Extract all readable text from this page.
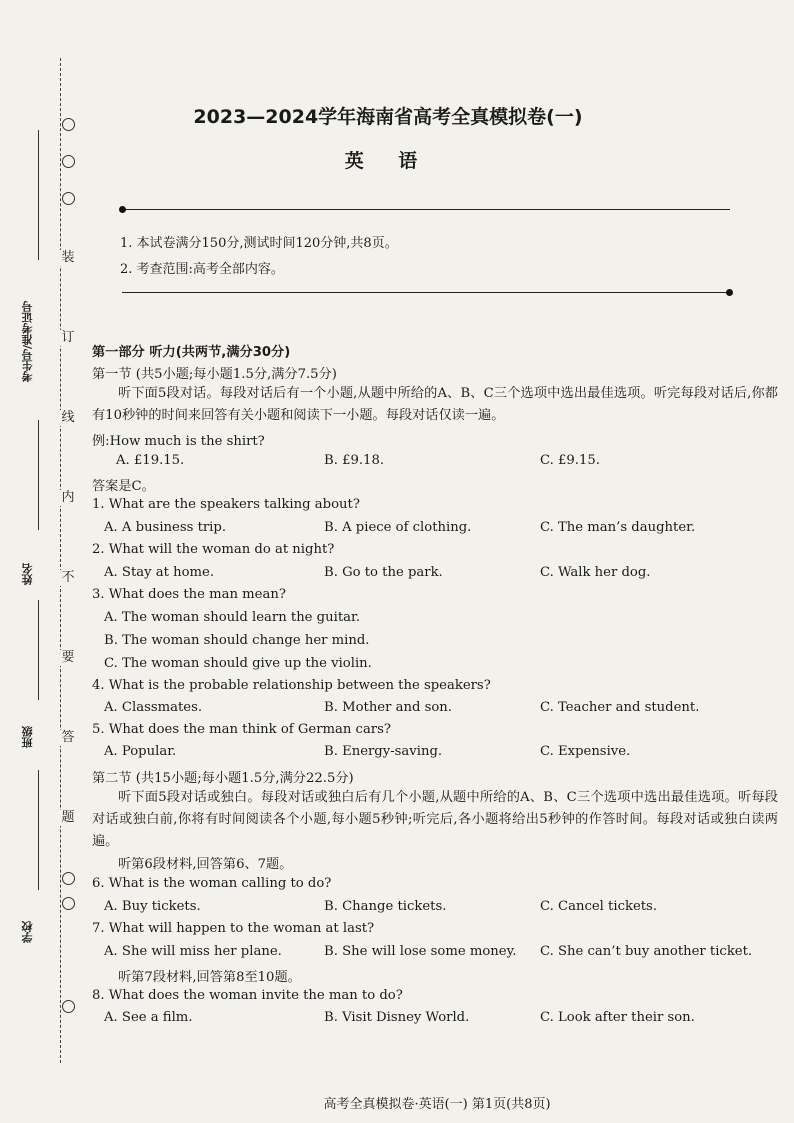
装
订
线
内
不
要
答
题
考生号/准考证号
姓名
班级
学校
2023—2024学年海南省高考全真模拟卷(一)
英 语
1. 本试卷满分150分,测试时间120分钟,共8页。
2. 考查范围:高考全部内容。
第一部分 听力(共两节,满分30分)
第一节 (共5小题;每小题1.5分,满分7.5分)
听下面5段对话。每段对话后有一个小题,从题中所给的A、B、C三个选项中选出最佳选项。听完每段对话后,你都有10秒钟的时间来回答有关小题和阅读下一小题。每段对话仅读一遍。
例:How much is the shirt?
A. £19.15.	B. £9.18.	C. £9.15.
答案是C。
1. What are the speakers talking about?
A. A business trip.	B. A piece of clothing.	C. The man’s daughter.
2. What will the woman do at night?
A. Stay at home.	B. Go to the park.	C. Walk her dog.
3. What does the man mean?
A. The woman should learn the guitar.
B. The woman should change her mind.
C. The woman should give up the violin.
4. What is the probable relationship between the speakers?
A. Classmates.	B. Mother and son.	C. Teacher and student.
5. What does the man think of German cars?
A. Popular.	B. Energy-saving.	C. Expensive.
第二节 (共15小题;每小题1.5分,满分22.5分)
听下面5段对话或独白。每段对话或独白后有几个小题,从题中所给的A、B、C三个选项中选出最佳选项。听每段对话或独白前,你将有时间阅读各个小题,每小题5秒钟;听完后,各小题将给出5秒钟的作答时间。每段对话或独白读两遍。
听第6段材料,回答第6、7题。
6. What is the woman calling to do?
A. Buy tickets.	B. Change tickets.	C. Cancel tickets.
7. What will happen to the woman at last?
A. She will miss her plane.	B. She will lose some money. C. She can’t buy another ticket.
听第7段材料,回答第8至10题。
8. What does the woman invite the man to do?
A. See a film.	B. Visit Disney World.	C. Look after their son.
高考全真模拟卷·英语(一) 第1页(共8页)
